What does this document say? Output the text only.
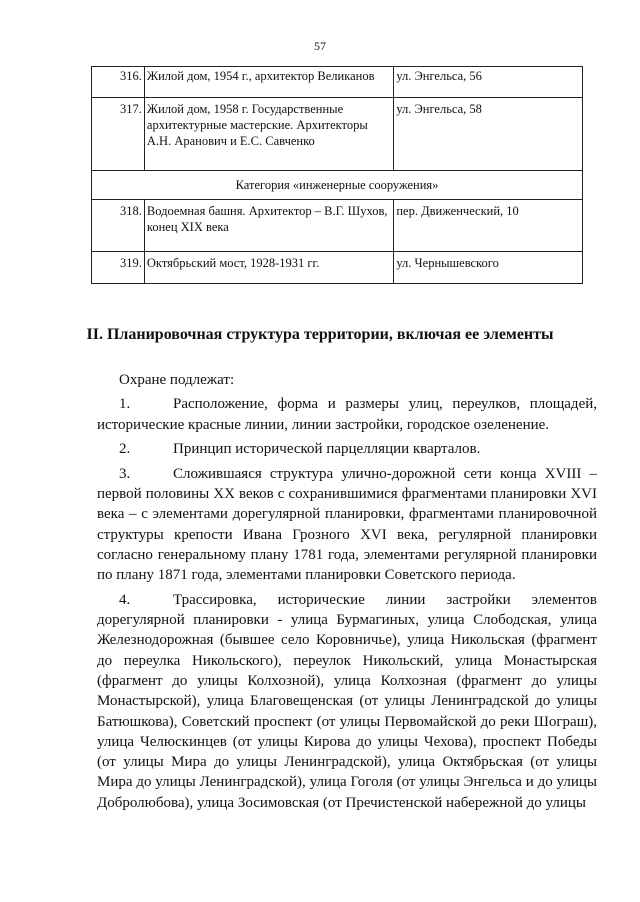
57
316.	Жилой дом, 1954 г., архитектор Великанов	ул. Энгельса, 56
317.	Жилой дом, 1958 г. Государственные архитектурные мастерские. Архитекторы А.Н. Аранович и Е.С. Савченко	ул. Энгельса, 58
Категория «инженерные сооружения»		
318.	Водоемная башня. Архитектор – В.Г. Шухов, конец XIX века	пер. Движенческий, 10
319.	Октябрьский мост, 1928-1931 гг.	ул. Чернышевского
II. Планировочная структура территории, включая ее элементы

Охране подлежат:

1.	Расположение, форма и размеры улиц, переулков, площадей, исторические красные линии, линии застройки, городское озеленение.

2.	Принцип исторической парцелляции кварталов.

3.	Сложившаяся структура улично-дорожной сети конца XVIII – первой половины XX веков с сохранившимися фрагментами планировки XVI века – с элементами дорегулярной планировки, фрагментами планировочной структуры крепости Ивана Грозного XVI века, регулярной планировки согласно генеральному плану 1781 года, элементами регулярной планировки по плану 1871 года, элементами планировки Советского периода.

4.	Трассировка, исторические линии застройки элементов дорегулярной планировки - улица Бурмагиных, улица Слободская, улица Железнодорожная (бывшее село Коровничье), улица Никольская (фрагмент до переулка Никольского), переулок Никольский, улица Монастырская (фрагмент до улицы Колхозной), улица Колхозная (фрагмент до улицы Монастырской), улица Благовещенская (от улицы Ленинградской до улицы Батюшкова), Советский проспект (от улицы Первомайской до реки Шограш), улица Челюскинцев (от улицы Кирова до улицы Чехова), проспект Победы (от улицы Мира до улицы Ленинградской), улица Октябрьская (от улицы Мира до улицы Ленинградской), улица Гоголя (от улицы Энгельса и до улицы Добролюбова), улица Зосимовская (от Пречистенской набережной до улицы
